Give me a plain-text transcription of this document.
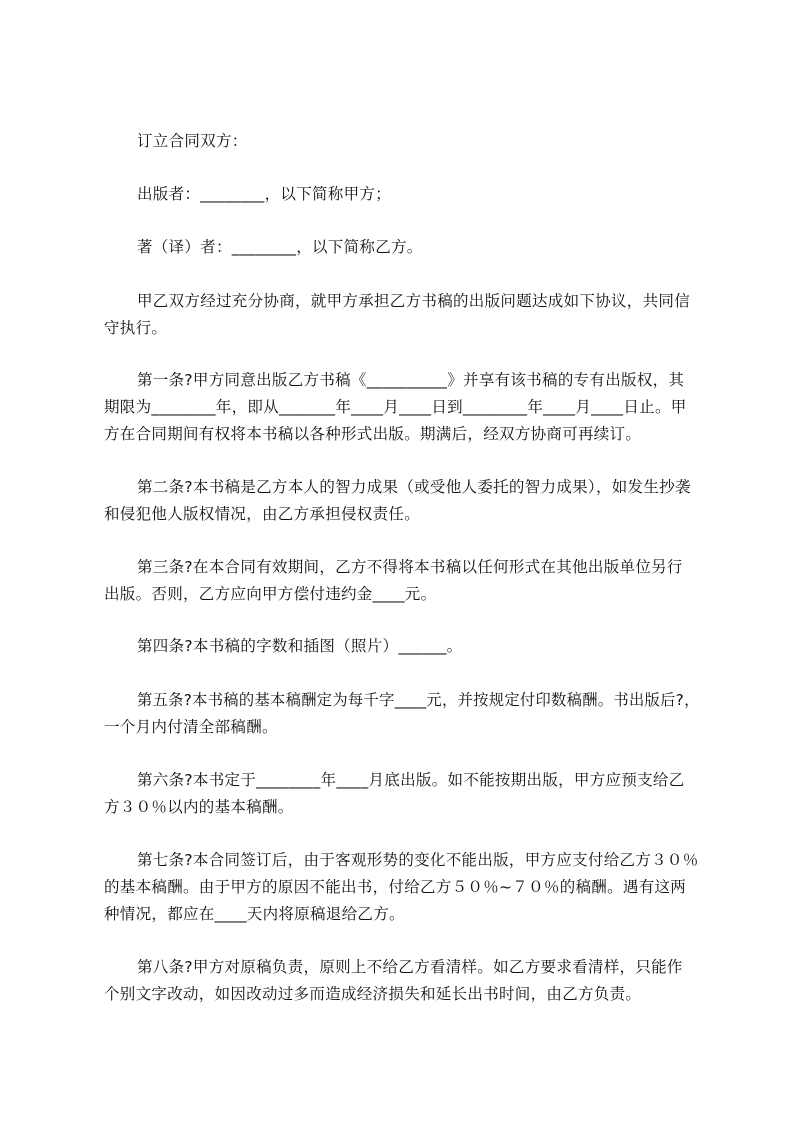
订立合同双方：
出版者：________，以下简称甲方；
著（译）者：________，以下简称乙方。
甲乙双方经过充分协商，就甲方承担乙方书稿的出版问题达成如下协议，共同信
守执行。
第一条?甲方同意出版乙方书稿《__________》并享有该书稿的专有出版权，其
期限为________年，即从_______年____月____日到________年____月____日止。甲
方在合同期间有权将本书稿以各种形式出版。期满后，经双方协商可再续订。
第二条?本书稿是乙方本人的智力成果（或受他人委托的智力成果），如发生抄袭
和侵犯他人版权情况，由乙方承担侵权责任。
第三条?在本合同有效期间，乙方不得将本书稿以任何形式在其他出版单位另行
出版。否则，乙方应向甲方偿付违约金____元。
第四条?本书稿的字数和插图（照片）______。
第五条?本书稿的基本稿酬定为每千字____元，并按规定付印数稿酬。书出版后?，
一个月内付清全部稿酬。
第六条?本书定于________年____月底出版。如不能按期出版，甲方应预支给乙
方３０％以内的基本稿酬。
第七条?本合同签订后，由于客观形势的变化不能出版，甲方应支付给乙方３０％
的基本稿酬。由于甲方的原因不能出书，付给乙方５０％~７０％的稿酬。遇有这两
种情况，都应在____天内将原稿退给乙方。
第八条?甲方对原稿负责，原则上不给乙方看清样。如乙方要求看清样，只能作
个别文字改动，如因改动过多而造成经济损失和延长出书时间，由乙方负责。
